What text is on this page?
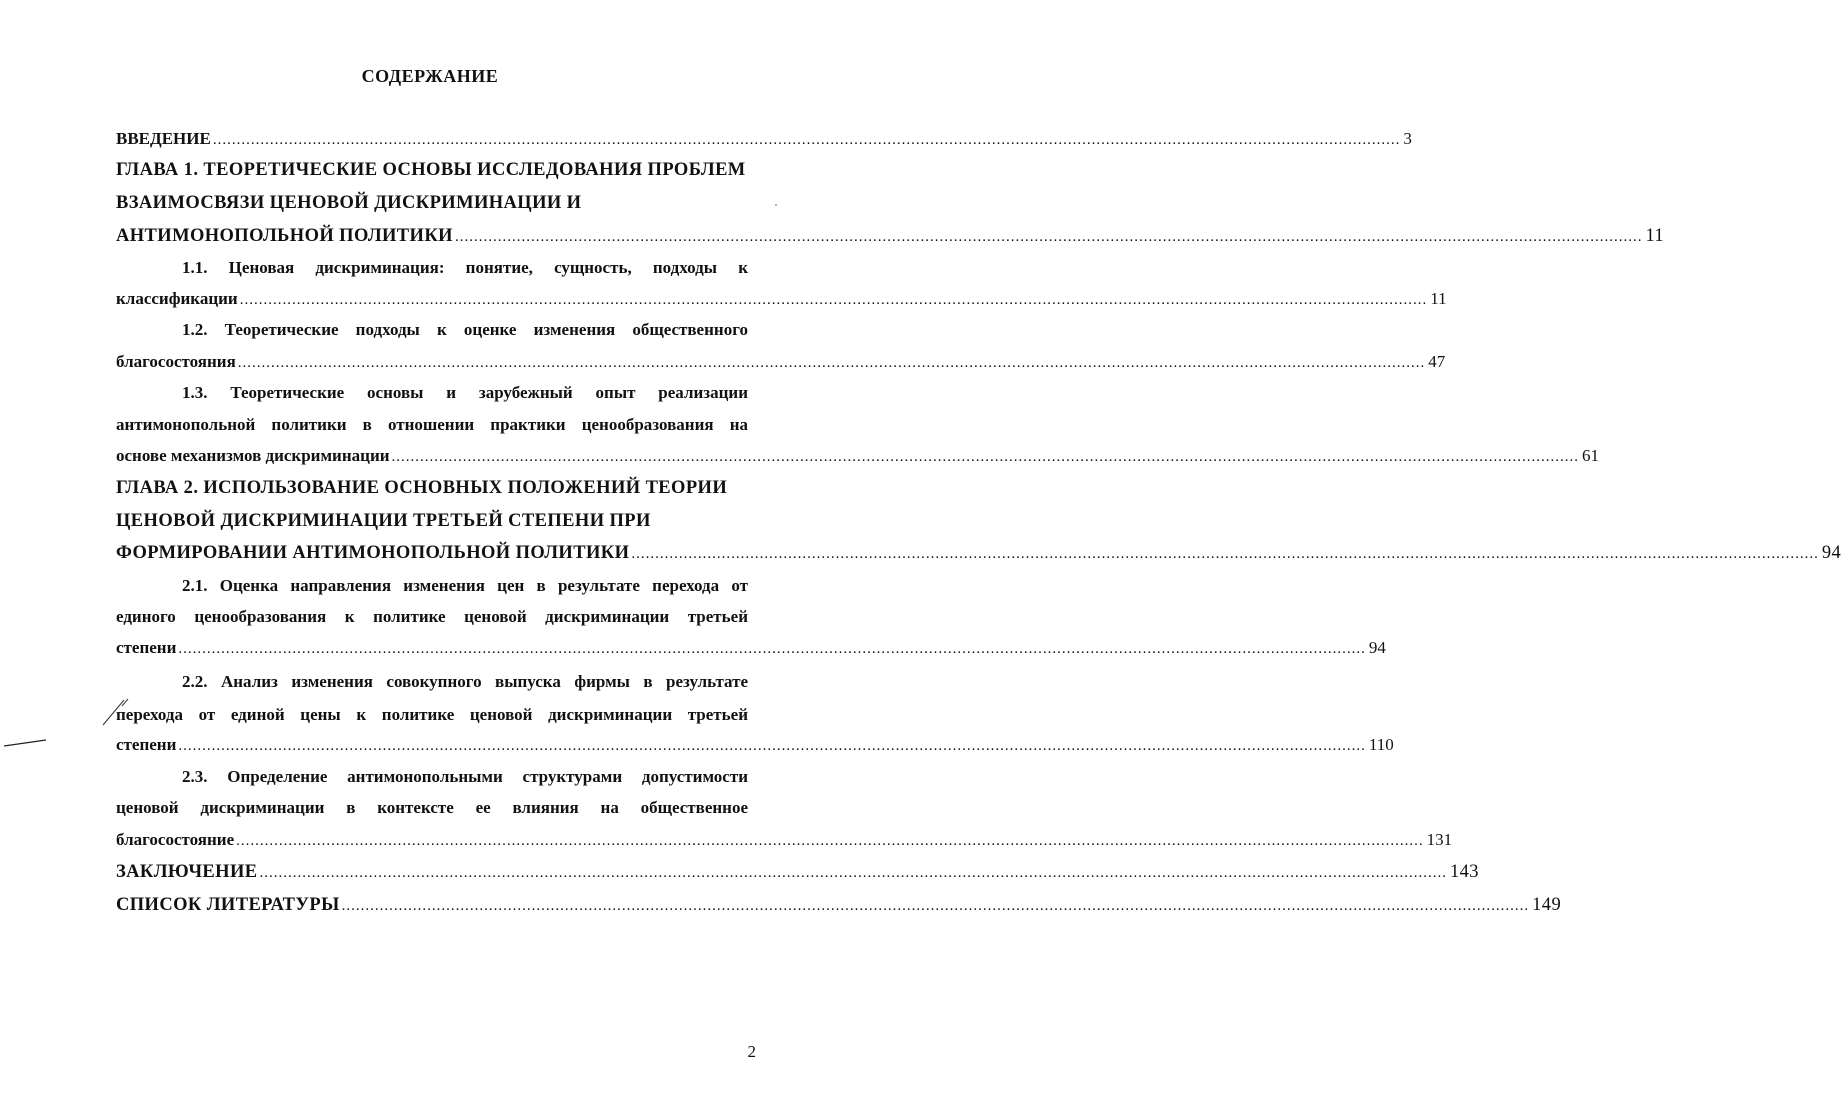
СОДЕРЖАНИЕ
ВВЕДЕНИЕ .......................................................................................................................................................................................................................................................... 3
ГЛАВА 1. ТЕОРЕТИЧЕСКИЕ ОСНОВЫ ИССЛЕДОВАНИЯ ПРОБЛЕМ
ВЗАИМОСВЯЗИ ЦЕНОВОЙ ДИСКРИМИНАЦИИ И
АНТИМОНОПОЛЬНОЙ ПОЛИТИКИ .......................................................................................................................................................................................................................................................... 11
1.1. Ценовая дискриминация: понятие, сущность, подходы к
классификации .......................................................................................................................................................................................................................................................... 11
1.2. Теоретические подходы к оценке изменения общественного
благосостояния .......................................................................................................................................................................................................................................................... 47
1.3. Теоретические основы и зарубежный опыт реализации
антимонопольной политики в отношении практики ценообразования на
основе механизмов дискриминации .......................................................................................................................................................................................................................................................... 61
ГЛАВА 2. ИСПОЛЬЗОВАНИЕ ОСНОВНЫХ ПОЛОЖЕНИЙ ТЕОРИИ
ЦЕНОВОЙ ДИСКРИМИНАЦИИ ТРЕТЬЕЙ СТЕПЕНИ ПРИ
ФОРМИРОВАНИИ АНТИМОНОПОЛЬНОЙ ПОЛИТИКИ .......................................................................................................................................................................................................................................................... 94
2.1. Оценка направления изменения цен в результате перехода от
единого ценообразования к политике ценовой дискриминации третьей
степени .......................................................................................................................................................................................................................................................... 94
2.2. Анализ изменения совокупного выпуска фирмы в результате
перехода от единой цены к политике ценовой дискриминации третьей
степени .......................................................................................................................................................................................................................................................... 110
2.3. Определение антимонопольными структурами допустимости
ценовой дискриминации в контексте ее влияния на общественное
благосостояние .......................................................................................................................................................................................................................................................... 131
ЗАКЛЮЧЕНИЕ .......................................................................................................................................................................................................................................................... 143
СПИСОК ЛИТЕРАТУРЫ .......................................................................................................................................................................................................................................................... 149
2
